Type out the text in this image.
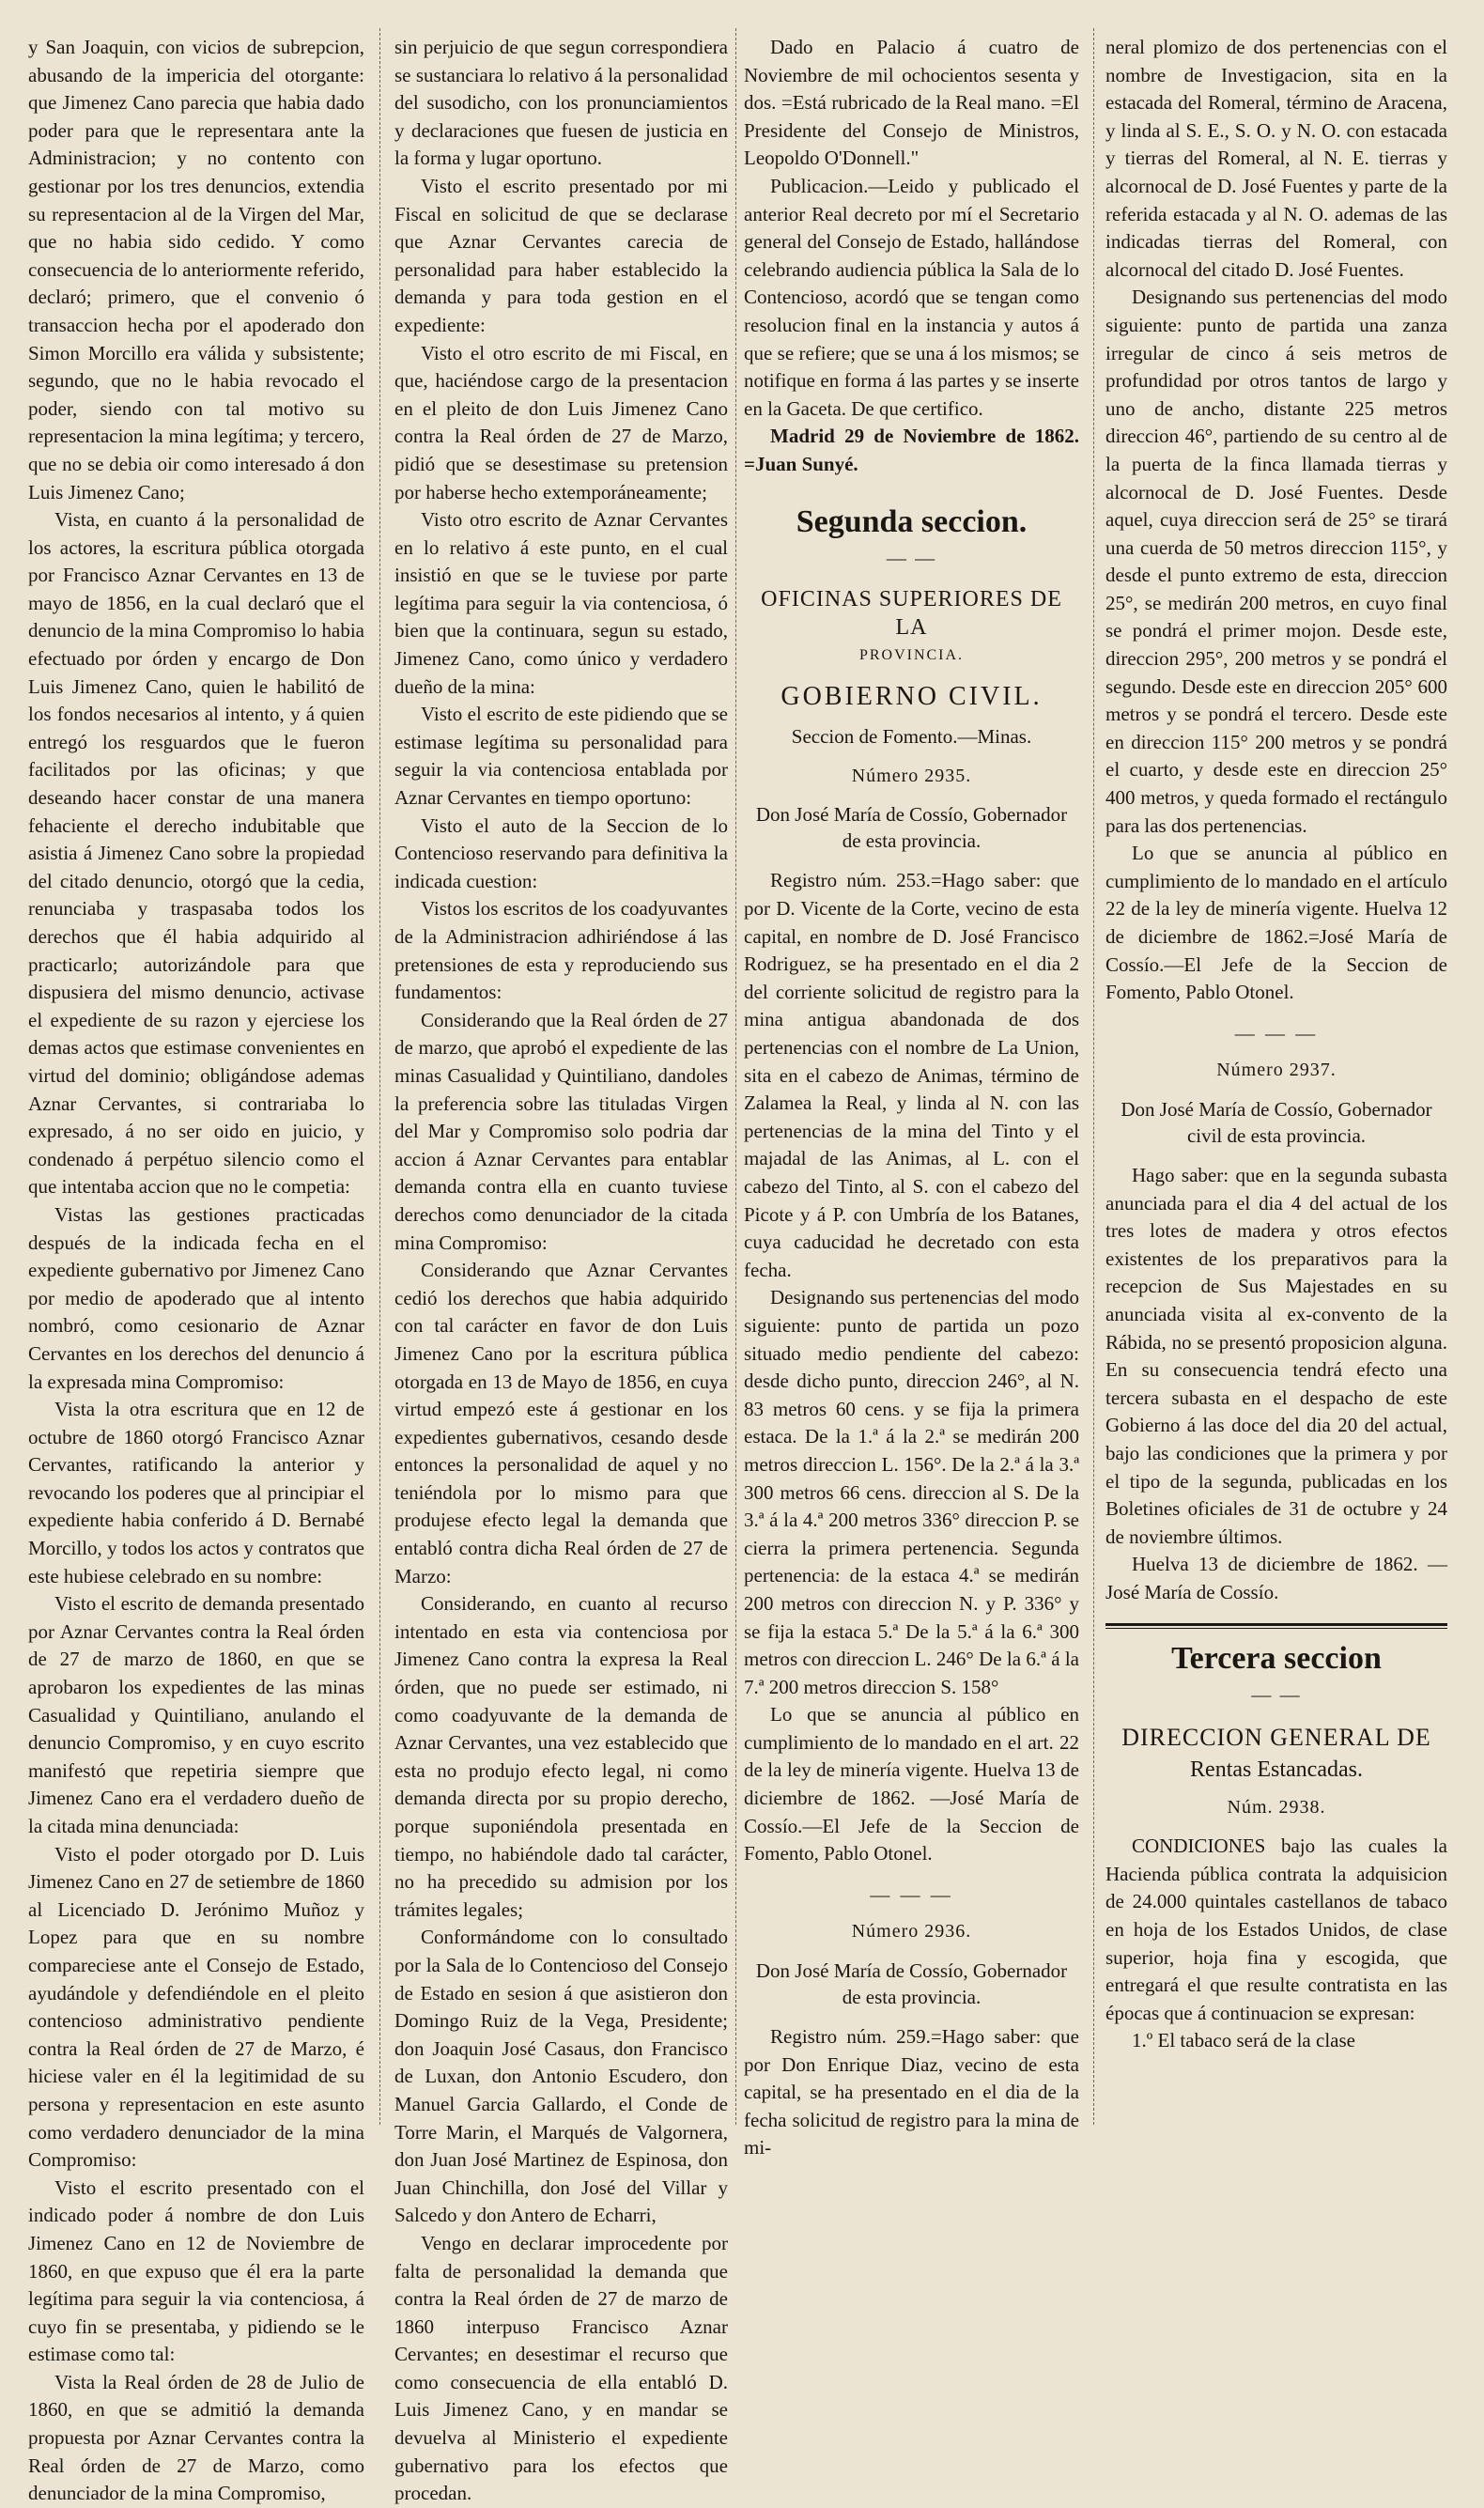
y San Joaquin, con vicios de subrepcion, abusando de la impericia del otorgante: que Jimenez Cano parecia que habia dado poder para que le representara ante la Administracion; y no contento con gestionar por los tres denuncios, extendia su representacion al de la Virgen del Mar, que no habia sido cedido. Y como consecuencia de lo anteriormente referido, declaró; primero, que el convenio ó transaccion hecha por el apoderado don Simon Morcillo era válida y subsistente; segundo, que no le habia revocado el poder, siendo con tal motivo su representacion la mina legítima; y tercero, que no se debia oir como interesado á don Luis Jimenez Cano;

Vista, en cuanto á la personalidad de los actores, la escritura pública otorgada por Francisco Aznar Cervantes en 13 de mayo de 1856, en la cual declaró que el denuncio de la mina Compromiso lo habia efectuado por órden y encargo de Don Luis Jimenez Cano, quien le habilitó de los fondos necesarios al intento, y á quien entregó los resguardos que le fueron facilitados por las oficinas; y que deseando hacer constar de una manera fehaciente el derecho indubitable que asistia á Jimenez Cano sobre la propiedad del citado denuncio, otorgó que la cedia, renunciaba y traspasaba todos los derechos que él habia adquirido al practicarlo; autorizándole para que dispusiera del mismo denuncio, activase el expediente de su razon y ejerciese los demas actos que estimase convenientes en virtud del dominio; obligándose ademas Aznar Cervantes, si contrariaba lo expresado, á no ser oido en juicio, y condenado á perpétuo silencio como el que intentaba accion que no le competia:

Vistas las gestiones practicadas después de la indicada fecha en el expediente gubernativo por Jimenez Cano por medio de apoderado que al intento nombró, como cesionario de Aznar Cervantes en los derechos del denuncio á la expresada mina Compromiso:

Vista la otra escritura que en 12 de octubre de 1860 otorgó Francisco Aznar Cervantes, ratificando la anterior y revocando los poderes que al principiar el expediente habia conferido á D. Bernabé Morcillo, y todos los actos y contratos que este hubiese celebrado en su nombre:

Visto el escrito de demanda presentado por Aznar Cervantes contra la Real órden de 27 de marzo de 1860, en que se aprobaron los expedientes de las minas Casualidad y Quintiliano, anulando el denuncio Compromiso, y en cuyo escrito manifestó que repetiria siempre que Jimenez Cano era el verdadero dueño de la citada mina denunciada:

Visto el poder otorgado por D. Luis Jimenez Cano en 27 de setiembre de 1860 al Licenciado D. Jerónimo Muñoz y Lopez para que en su nombre compareciese ante el Consejo de Estado, ayudándole y defendiéndole en el pleito contencioso administrativo pendiente contra la Real órden de 27 de Marzo, é hiciese valer en él la legitimidad de su persona y representacion en este asunto como verdadero denunciador de la mina Compromiso:

Visto el escrito presentado con el indicado poder á nombre de don Luis Jimenez Cano en 12 de Noviembre de 1860, en que expuso que él era la parte legítima para seguir la via contenciosa, á cuyo fin se presentaba, y pidiendo se le estimase como tal:

Vista la Real órden de 28 de Julio de 1860, en que se admitió la demanda propuesta por Aznar Cervantes contra la Real órden de 27 de Marzo, como denunciador de la mina Compromiso,

sin perjuicio de que segun correspondiera se sustanciara lo relativo á la personalidad del susodicho, con los pronunciamientos y declaraciones que fuesen de justicia en la forma y lugar oportuno.

Visto el escrito presentado por mi Fiscal en solicitud de que se declarase que Aznar Cervantes carecia de personalidad para haber establecido la demanda y para toda gestion en el expediente:

Visto el otro escrito de mi Fiscal, en que, haciéndose cargo de la presentacion en el pleito de don Luis Jimenez Cano contra la Real órden de 27 de Marzo, pidió que se desestimase su pretension por haberse hecho extemporáneamente;

Visto otro escrito de Aznar Cervantes en lo relativo á este punto, en el cual insistió en que se le tuviese por parte legítima para seguir la via contenciosa, ó bien que la continuara, segun su estado, Jimenez Cano, como único y verdadero dueño de la mina:

Visto el escrito de este pidiendo que se estimase legítima su personalidad para seguir la via contenciosa entablada por Aznar Cervantes en tiempo oportuno:

Visto el auto de la Seccion de lo Contencioso reservando para definitiva la indicada cuestion:

Vistos los escritos de los coadyuvantes de la Administracion adhiriéndose á las pretensiones de esta y reproduciendo sus fundamentos:

Considerando que la Real órden de 27 de marzo, que aprobó el expediente de las minas Casualidad y Quintiliano, dandoles la preferencia sobre las tituladas Virgen del Mar y Compromiso solo podria dar accion á Aznar Cervantes para entablar demanda contra ella en cuanto tuviese derechos como denunciador de la citada mina Compromiso:

Considerando que Aznar Cervantes cedió los derechos que habia adquirido con tal carácter en favor de don Luis Jimenez Cano por la escritura pública otorgada en 13 de Mayo de 1856, en cuya virtud empezó este á gestionar en los expedientes gubernativos, cesando desde entonces la personalidad de aquel y no teniéndola por lo mismo para que produjese efecto legal la demanda que entabló contra dicha Real órden de 27 de Marzo:

Considerando, en cuanto al recurso intentado en esta via contenciosa por Jimenez Cano contra la expresa la Real órden, que no puede ser estimado, ni como coadyuvante de la demanda de Aznar Cervantes, una vez establecido que esta no produjo efecto legal, ni como demanda directa por su propio derecho, porque suponiéndola presentada en tiempo, no habiéndole dado tal carácter, no ha precedido su admision por los trámites legales;

Conformándome con lo consultado por la Sala de lo Contencioso del Consejo de Estado en sesion á que asistieron don Domingo Ruiz de la Vega, Presidente; don Joaquin José Casaus, don Francisco de Luxan, don Antonio Escudero, don Manuel Garcia Gallardo, el Conde de Torre Marin, el Marqués de Valgornera, don Juan José Martinez de Espinosa, don Juan Chinchilla, don José del Villar y Salcedo y don Antero de Echarri,

Vengo en declarar improcedente por falta de personalidad la demanda que contra la Real órden de 27 de marzo de 1860 interpuso Francisco Aznar Cervantes; en desestimar el recurso que como consecuencia de ella entabló D. Luis Jimenez Cano, y en mandar se devuelva al Ministerio el expediente gubernativo para los efectos que procedan.

Dado en Palacio á cuatro de Noviembre de mil ochocientos sesenta y dos. =Está rubricado de la Real mano. =El Presidente del Consejo de Ministros, Leopoldo O'Donnell."

Publicacion.—Leido y publicado el anterior Real decreto por mí el Secretario general del Consejo de Estado, hallándose celebrando audiencia pública la Sala de lo Contencioso, acordó que se tengan como resolucion final en la instancia y autos á que se refiere; que se una á los mismos; se notifique en forma á las partes y se inserte en la Gaceta. De que certifico.

Madrid 29 de Noviembre de 1862. =Juan Sunyé.

Segunda seccion.
— —
OFICINAS SUPERIORES DE LA
PROVINCIA.
GOBIERNO CIVIL.
Seccion de Fomento.—Minas.
Número 2935.
Don José María de Cossío, Gobernador de esta provincia.

Registro núm. 253.=Hago saber: que por D. Vicente de la Corte, vecino de esta capital, en nombre de D. José Francisco Rodriguez, se ha presentado en el dia 2 del corriente solicitud de registro para la mina antigua abandonada de dos pertenencias con el nombre de La Union, sita en el cabezo de Animas, término de Zalamea la Real, y linda al N. con las pertenencias de la mina del Tinto y el majadal de las Animas, al L. con el cabezo del Tinto, al S. con el cabezo del Picote y á P. con Umbría de los Batanes, cuya caducidad he decretado con esta fecha.

Designando sus pertenencias del modo siguiente: punto de partida un pozo situado medio pendiente del cabezo: desde dicho punto, direccion 246°, al N. 83 metros 60 cens. y se fija la primera estaca. De la 1.ª á la 2.ª se medirán 200 metros direccion L. 156°. De la 2.ª á la 3.ª 300 metros 66 cens. direccion al S. De la 3.ª á la 4.ª 200 metros 336° direccion P. se cierra la primera pertenencia. Segunda pertenencia: de la estaca 4.ª se medirán 200 metros con direccion N. y P. 336° y se fija la estaca 5.ª De la 5.ª á la 6.ª 300 metros con direccion L. 246° De la 6.ª á la 7.ª 200 metros direccion S. 158°

Lo que se anuncia al público en cumplimiento de lo mandado en el art. 22 de la ley de minería vigente. Huelva 13 de diciembre de 1862. —José María de Cossío.—El Jefe de la Seccion de Fomento, Pablo Otonel.

— — —
Número 2936.
Don José María de Cossío, Gobernador de esta provincia.

Registro núm. 259.=Hago saber: que por Don Enrique Diaz, vecino de esta capital, se ha presentado en el dia de la fecha solicitud de registro para la mina de mi-

neral plomizo de dos pertenencias con el nombre de Investigacion, sita en la estacada del Romeral, término de Aracena, y linda al S. E., S. O. y N. O. con estacada y tierras del Romeral, al N. E. tierras y alcornocal de D. José Fuentes y parte de la referida estacada y al N. O. ademas de las indicadas tierras del Romeral, con alcornocal del citado D. José Fuentes.

Designando sus pertenencias del modo siguiente: punto de partida una zanza irregular de cinco á seis metros de profundidad por otros tantos de largo y uno de ancho, distante 225 metros direccion 46°, partiendo de su centro al de la puerta de la finca llamada tierras y alcornocal de D. José Fuentes. Desde aquel, cuya direccion será de 25° se tirará una cuerda de 50 metros direccion 115°, y desde el punto extremo de esta, direccion 25°, se medirán 200 metros, en cuyo final se pondrá el primer mojon. Desde este, direccion 295°, 200 metros y se pondrá el segundo. Desde este en direccion 205° 600 metros y se pondrá el tercero. Desde este en direccion 115° 200 metros y se pondrá el cuarto, y desde este en direccion 25° 400 metros, y queda formado el rectángulo para las dos pertenencias.

Lo que se anuncia al público en cumplimiento de lo mandado en el artículo 22 de la ley de minería vigente. Huelva 12 de diciembre de 1862.=José María de Cossío.—El Jefe de la Seccion de Fomento, Pablo Otonel.

— — —
Número 2937.
Don José María de Cossío, Gobernador civil de esta provincia.

Hago saber: que en la segunda subasta anunciada para el dia 4 del actual de los tres lotes de madera y otros efectos existentes de los preparativos para la recepcion de Sus Majestades en su anunciada visita al ex-convento de la Rábida, no se presentó proposicion alguna. En su consecuencia tendrá efecto una tercera subasta en el despacho de este Gobierno á las doce del dia 20 del actual, bajo las condiciones que la primera y por el tipo de la segunda, publicadas en los Boletines oficiales de 31 de octubre y 24 de noviembre últimos.

Huelva 13 de diciembre de 1862. —José María de Cossío.

Tercera seccion
— —
DIRECCION GENERAL DE
Rentas Estancadas.
Núm. 2938.

CONDICIONES bajo las cuales la Hacienda pública contrata la adquisicion de 24.000 quintales castellanos de tabaco en hoja de los Estados Unidos, de clase superior, hoja fina y escogida, que entregará el que resulte contratista en las épocas que á continuacion se expresan:

1.º El tabaco será de la clase
